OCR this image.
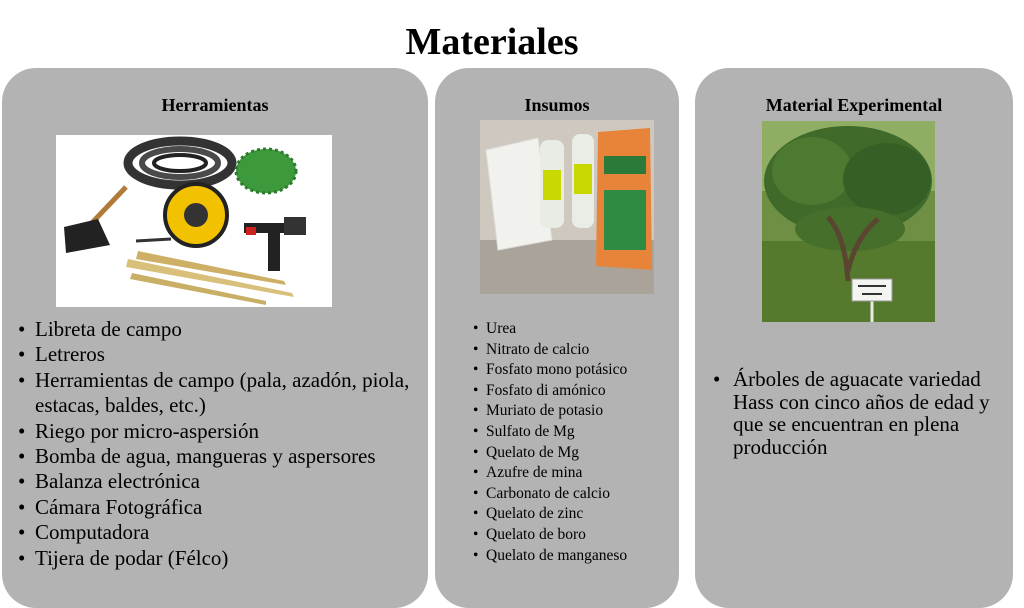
Materiales
Herramientas
• Libreta de campo
• Letreros
• Herramientas de campo (pala, azadón, piola, estacas, baldes, etc.)
• Riego por micro-aspersión
• Bomba de agua, mangueras y aspersores
• Balanza electrónica
• Cámara Fotográfica
• Computadora
• Tijera de podar (Félco)
Insumos
• Urea
• Nitrato de calcio
• Fosfato mono potásico
• Fosfato di amónico
• Muriato de potasio
• Sulfato de Mg
• Quelato de Mg
• Azufre de mina
• Carbonato de calcio
• Quelato de zinc
• Quelato de boro
• Quelato de manganeso
Material Experimental
• Árboles de aguacate variedad Hass con cinco años de edad y que se encuentran en plena producción
